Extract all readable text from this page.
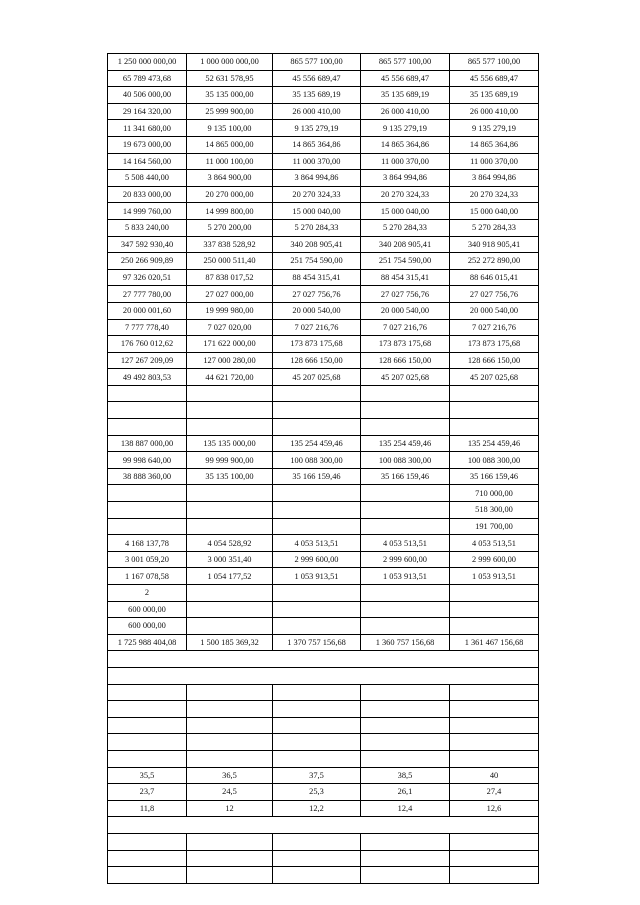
1 250 000 000,00	1 000 000 000,00	865 577 100,00	865 577 100,00	865 577 100,00
65 789 473,68	52 631 578,95	45 556 689,47	45 556 689,47	45 556 689,47
40 506 000,00	35 135 000,00	35 135 689,19	35 135 689,19	35 135 689,19
29 164 320,00	25 999 900,00	26 000 410,00	26 000 410,00	26 000 410,00
11 341 680,00	9 135 100,00	9 135 279,19	9 135 279,19	9 135 279,19
19 673 000,00	14 865 000,00	14 865 364,86	14 865 364,86	14 865 364,86
14 164 560,00	11 000 100,00	11 000 370,00	11 000 370,00	11 000 370,00
5 508 440,00	3 864 900,00	3 864 994,86	3 864 994,86	3 864 994,86
20 833 000,00	20 270 000,00	20 270 324,33	20 270 324,33	20 270 324,33
14 999 760,00	14 999 800,00	15 000 040,00	15 000 040,00	15 000 040,00
5 833 240,00	5 270 200,00	5 270 284,33	5 270 284,33	5 270 284,33
347 592 930,40	337 838 528,92	340 208 905,41	340 208 905,41	340 918 905,41
250 266 909,89	250 000 511,40	251 754 590,00	251 754 590,00	252 272 890,00
97 326 020,51	87 838 017,52	88 454 315,41	88 454 315,41	88 646 015,41
27 777 780,00	27 027 000,00	27 027 756,76	27 027 756,76	27 027 756,76
20 000 001,60	19 999 980,00	20 000 540,00	20 000 540,00	20 000 540,00
7 777 778,40	7 027 020,00	7 027 216,76	7 027 216,76	7 027 216,76
176 760 012,62	171 622 000,00	173 873 175,68	173 873 175,68	173 873 175,68
127 267 209,09	127 000 280,00	128 666 150,00	128 666 150,00	128 666 150,00
49 492 803,53	44 621 720,00	45 207 025,68	45 207 025,68	45 207 025,68

138 887 000,00	135 135 000,00	135 254 459,46	135 254 459,46	135 254 459,46
99 998 640,00	99 999 900,00	100 088 300,00	100 088 300,00	100 088 300,00
38 888 360,00	35 135 100,00	35 166 159,46	35 166 159,46	35 166 159,46
				710 000,00
				518 300,00
				191 700,00
4 168 137,78	4 054 528,92	4 053 513,51	4 053 513,51	4 053 513,51
3 001 059,20	3 000 351,40	2 999 600,00	2 999 600,00	2 999 600,00
1 167 078,58	1 054 177,52	1 053 913,51	1 053 913,51	1 053 913,51
2				
600 000,00				
600 000,00				
1 725 988 404,08	1 500 185 369,32	1 370 757 156,68	1 360 757 156,68	1 361 467 156,68

35,5	36,5	37,5	38,5	40
23,7	24,5	25,3	26,1	27,4
11,8	12	12,2	12,4	12,6
